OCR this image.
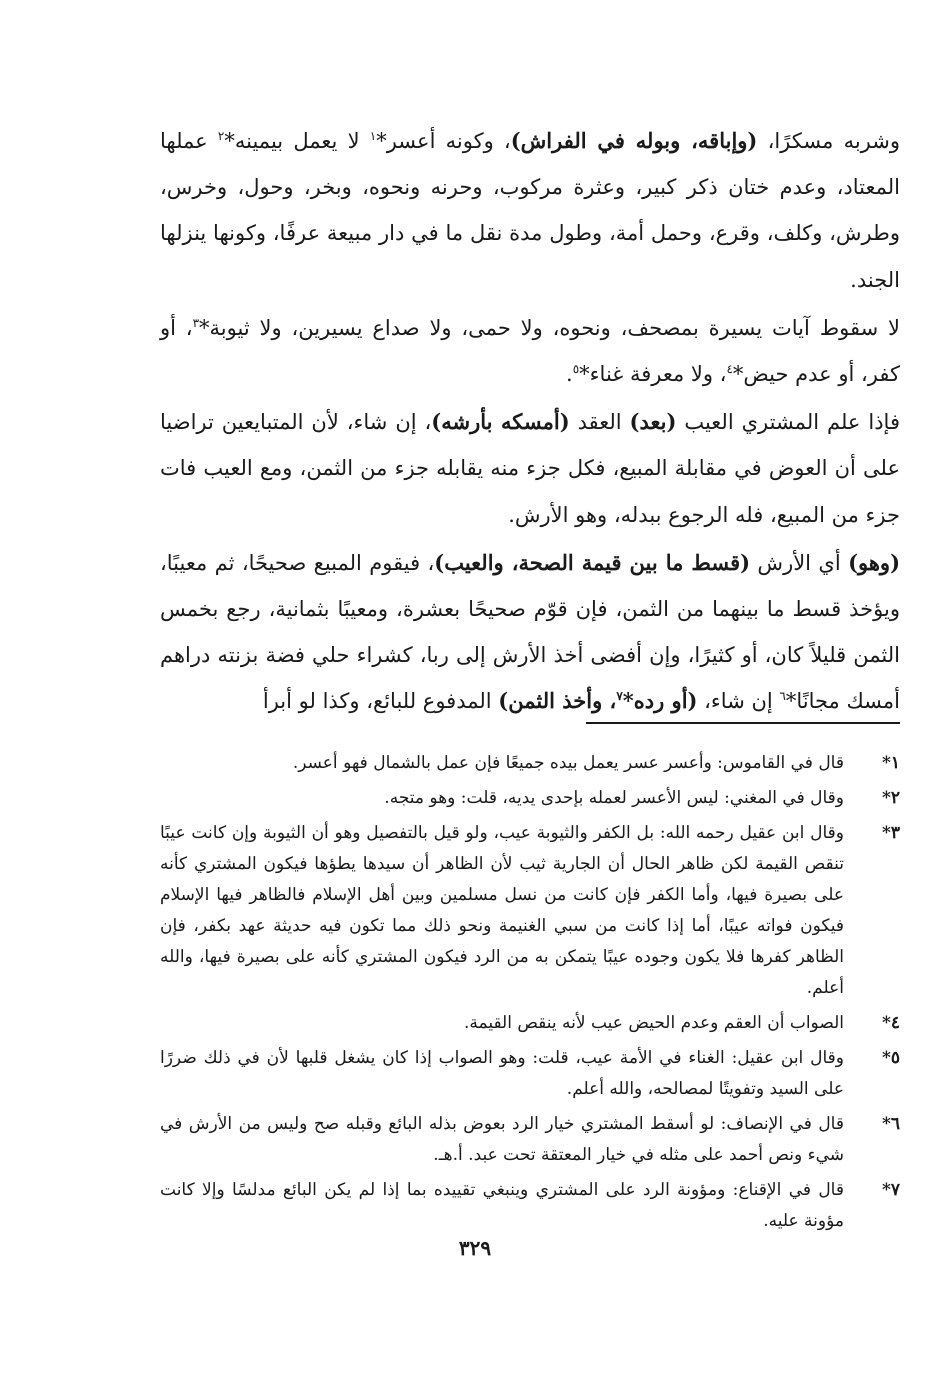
وشربه مسكرًا، (وإباقه، وبوله في الفراش)، وكونه أعسر*$^١$ لا يعمل بيمينه*$^٢$ عملها المعتاد، وعدم ختان ذكر كبير، وعثرة مركوب، وحرنه ونحوه، وبخر، وحول، وخرس، وطرش، وكلف، وقرع، وحمل أمة، وطول مدة نقل ما في دار مبيعة عرفًا، وكونها ينزلها الجند.

لا سقوط آيات يسيرة بمصحف، ونحوه، ولا حمى، ولا صداع يسيرين، ولا ثيوبة*$^٣$، أو كفر، أو عدم حيض*$^٤$، ولا معرفة غناء*$^٥$.

فإذا علم المشتري العيب (بعد) العقد (أمسكه بأرشه)، إن شاء، لأن المتبايعين تراضيا على أن العوض في مقابلة المبيع، فكل جزء منه يقابله جزء من الثمن، ومع العيب فات جزء من المبيع، فله الرجوع ببدله، وهو الأرش.

(وهو) أي الأرش (قسط ما بين قيمة الصحة، والعيب)، فيقوم المبيع صحيحًا، ثم معيبًا، ويؤخذ قسط ما بينهما من الثمن، فإن قوّم صحيحًا بعشرة، ومعيبًا بثمانية، رجع بخمس الثمن قليلاً كان، أو كثيرًا، وإن أفضى أخذ الأرش إلى ربا، كشراء حلي فضة بزنته دراهم أمسك مجانًا*$^٦$ إن شاء، (أو رده*$^٧$، وأخذ الثمن) المدفوع للبائع، وكذا لو أبرأ

١*
قال في القاموس: وأعسر عسر يعمل بيده جميعًا فإن عمل بالشمال فهو أعسر.
٢*
وقال في المغني: ليس الأعسر لعمله بإحدى يديه، قلت: وهو متجه.
٣*
وقال ابن عقيل رحمه الله: بل الكفر والثيوبة عيب، ولو قيل بالتفصيل وهو أن الثيوبة وإن كانت عيبًا تنقص القيمة لكن ظاهر الحال أن الجارية ثيب لأن الظاهر أن سيدها يطؤها فيكون المشتري كأنه على بصيرة فيها، وأما الكفر فإن كانت من نسل مسلمين وبين أهل الإسلام فالظاهر فيها الإسلام فيكون فواته عيبًا، أما إذا كانت من سبي الغنيمة ونحو ذلك مما تكون فيه حديثة عهد بكفر، فإن الظاهر كفرها فلا يكون وجوده عيبًا يتمكن به من الرد فيكون المشتري كأنه على بصيرة فيها، والله أعلم.
٤*
الصواب أن العقم وعدم الحيض عيب لأنه ينقص القيمة.
٥*
وقال ابن عقيل: الغناء في الأمة عيب، قلت: وهو الصواب إذا كان يشغل قلبها لأن في ذلك ضررًا على السيد وتفويتًا لمصالحه، والله أعلم.
٦*
قال في الإنصاف: لو أسقط المشتري خيار الرد بعوض بذله البائع وقبله صح وليس من الأرش في شيء ونص أحمد على مثله في خيار المعتقة تحت عبد. أ.هـ.
٧*
قال في الإقناع: ومؤونة الرد على المشتري وينبغي تقييده بما إذا لم يكن البائع مدلسًا وإلا كانت مؤونة عليه.
٣٢٩
